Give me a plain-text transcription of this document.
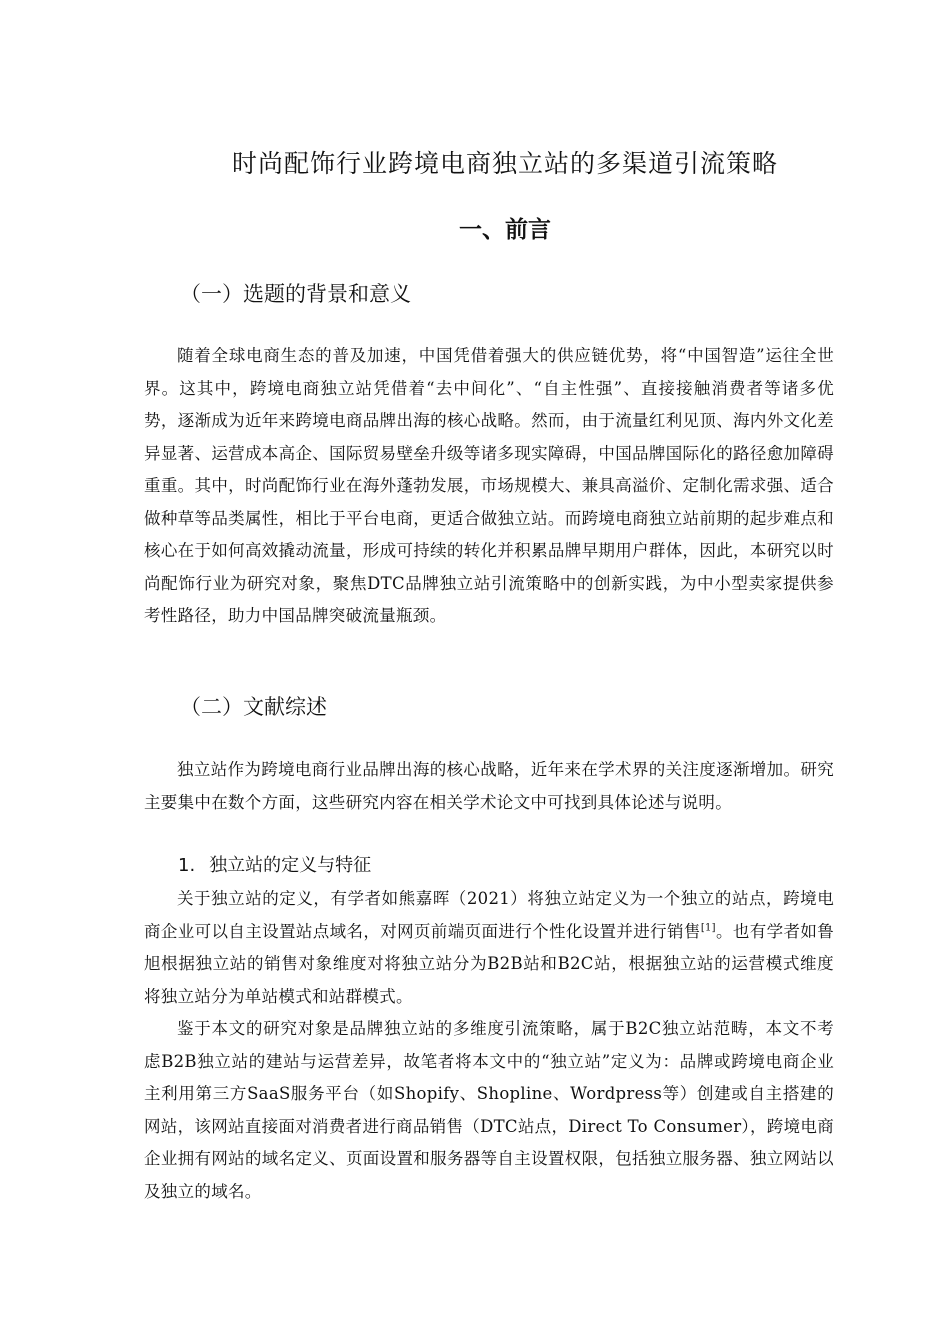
时尚配饰行业跨境电商独立站的多渠道引流策略
一、前言
（一）选题的背景和意义

随着全球电商生态的普及加速，中国凭借着强大的供应链优势，将“中国智造”运往全世界。这其中，跨境电商独立站凭借着“去中间化”、“自主性强”、直接接触消费者等诸多优势，逐渐成为近年来跨境电商品牌出海的核心战略。然而，由于流量红利见顶、海内外文化差异显著、运营成本高企、国际贸易壁垒升级等诸多现实障碍，中国品牌国际化的路径愈加障碍重重。其中，时尚配饰行业在海外蓬勃发展，市场规模大、兼具高溢价、定制化需求强、适合做种草等品类属性，相比于平台电商，更适合做独立站。而跨境电商独立站前期的起步难点和核心在于如何高效撬动流量，形成可持续的转化并积累品牌早期用户群体，因此，本研究以时尚配饰行业为研究对象，聚焦DTC品牌独立站引流策略中的创新实践，为中小型卖家提供参考性路径，助力中国品牌突破流量瓶颈。

（二）文献综述

独立站作为跨境电商行业品牌出海的核心战略，近年来在学术界的关注度逐渐增加。研究主要集中在数个方面，这些研究内容在相关学术论文中可找到具体论述与说明。

1. 独立站的定义与特征

关于独立站的定义，有学者如熊嘉晖（2021）将独立站定义为一个独立的站点，跨境电商企业可以自主设置站点域名，对网页前端页面进行个性化设置并进行销售[1]。也有学者如鲁旭根据独立站的销售对象维度对将独立站分为B2B站和B2C站，根据独立站的运营模式维度将独立站分为单站模式和站群模式。

鉴于本文的研究对象是品牌独立站的多维度引流策略，属于B2C独立站范畴，本文不考虑B2B独立站的建站与运营差异，故笔者将本文中的“独立站”定义为：品牌或跨境电商企业主利用第三方SaaS服务平台（如Shopify、Shopline、Wordpress等）创建或自主搭建的网站，该网站直接面对消费者进行商品销售（DTC站点，Direct To Consumer），跨境电商企业拥有网站的域名定义、页面设置和服务器等自主设置权限，包括独立服务器、独立网站以及独立的域名。
